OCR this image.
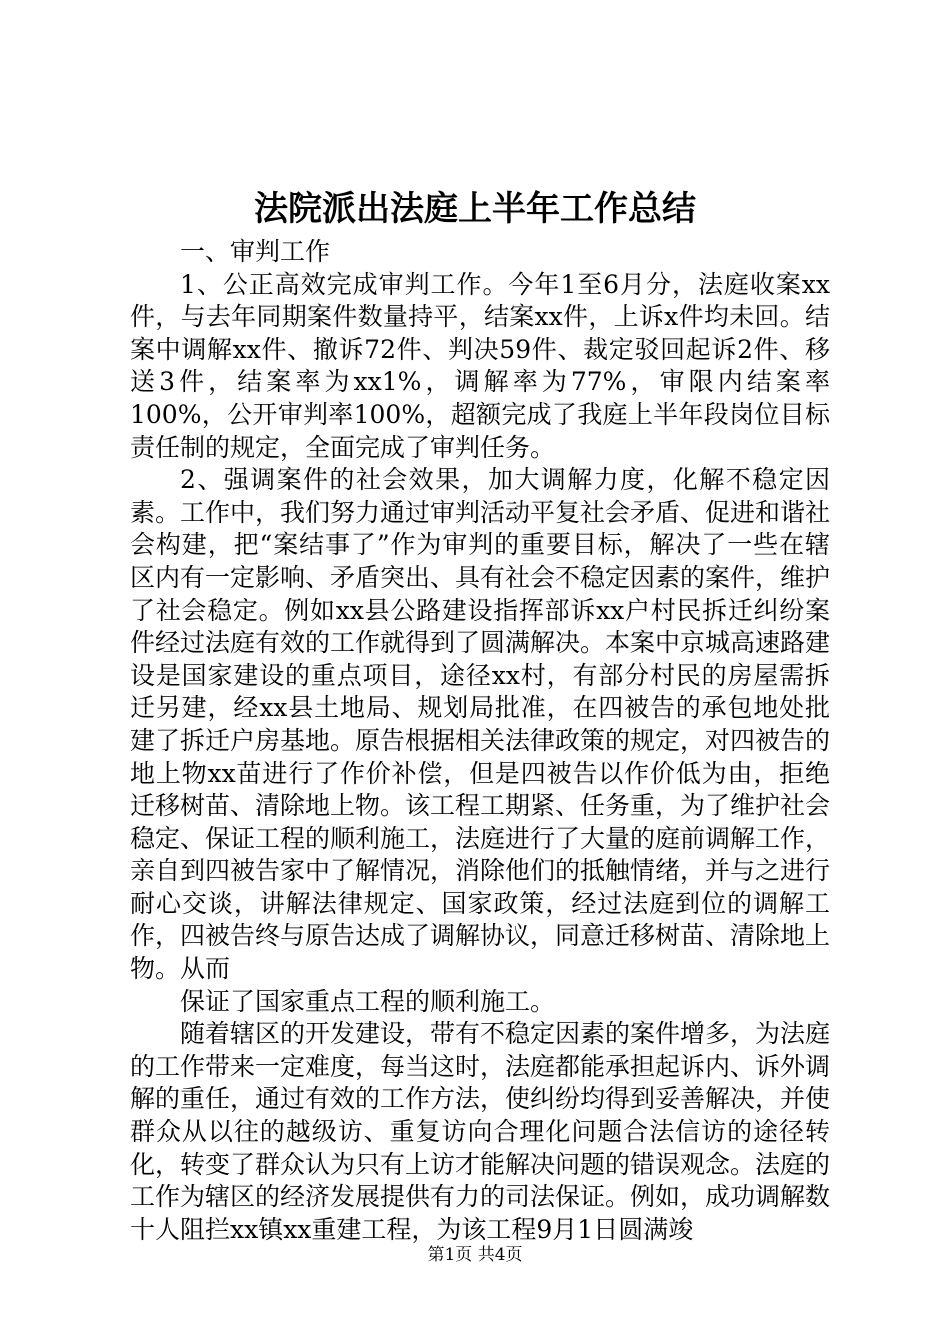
法院派出法庭上半年工作总结

一、审判工作

1、公正高效完成审判工作。今年1至6月分，法庭收案xx件，与去年同期案件数量持平，结案xx件，上诉x件均未回。结案中调解xx件、撤诉72件、判决59件、裁定驳回起诉2件、移送3件，结案率为xx1%，调解率为77%，审限内结案率100%，公开审判率100%，超额完成了我庭上半年段岗位目标责任制的规定，全面完成了审判任务。

2、强调案件的社会效果，加大调解力度，化解不稳定因素。工作中，我们努力通过审判活动平复社会矛盾、促进和谐社会构建，把“案结事了”作为审判的重要目标，解决了一些在辖区内有一定影响、矛盾突出、具有社会不稳定因素的案件，维护了社会稳定。例如xx县公路建设指挥部诉xx户村民拆迁纠纷案件经过法庭有效的工作就得到了圆满解决。本案中京城高速路建设是国家建设的重点项目，途径xx村，有部分村民的房屋需拆迁另建，经xx县土地局、规划局批准，在四被告的承包地处批建了拆迁户房基地。原告根据相关法律政策的规定，对四被告的地上物xx苗进行了作价补偿，但是四被告以作价低为由，拒绝迁移树苗、清除地上物。该工程工期紧、任务重，为了维护社会稳定、保证工程的顺利施工，法庭进行了大量的庭前调解工作，亲自到四被告家中了解情况，消除他们的抵触情绪，并与之进行耐心交谈，讲解法律规定、国家政策，经过法庭到位的调解工作，四被告终与原告达成了调解协议，同意迁移树苗、清除地上物。从而

保证了国家重点工程的顺利施工。

随着辖区的开发建设，带有不稳定因素的案件增多，为法庭的工作带来一定难度，每当这时，法庭都能承担起诉内、诉外调解的重任，通过有效的工作方法，使纠纷均得到妥善解决，并使群众从以往的越级访、重复访向合理化问题合法信访的途径转化，转变了群众认为只有上访才能解决问题的错误观念。法庭的工作为辖区的经济发展提供有力的司法保证。例如，成功调解数十人阻拦xx镇xx重建工程，为该工程9月1日圆满竣

第1页 共4页
